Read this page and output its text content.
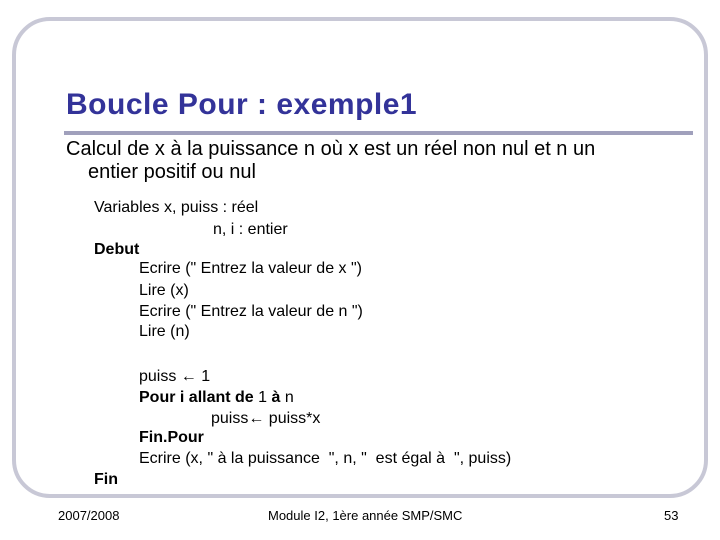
Boucle Pour : exemple1
Calcul de x à la puissance n où x est un réel non nul et n un
entier positif ou nul
Variables x, puiss : réel
n, i : entier
Debut
Ecrire (" Entrez la valeur de x ")
Lire (x)
Ecrire (" Entrez la valeur de n ")
Lire (n)
puiss ← 1
Pour i allant de 1 à n
puiss← puiss*x
Fin.Pour
Ecrire (x, " à la puissance  ", n, "  est égal à  ", puiss)
Fin
2007/2008	Module I2, 1ère année SMP/SMC	53
